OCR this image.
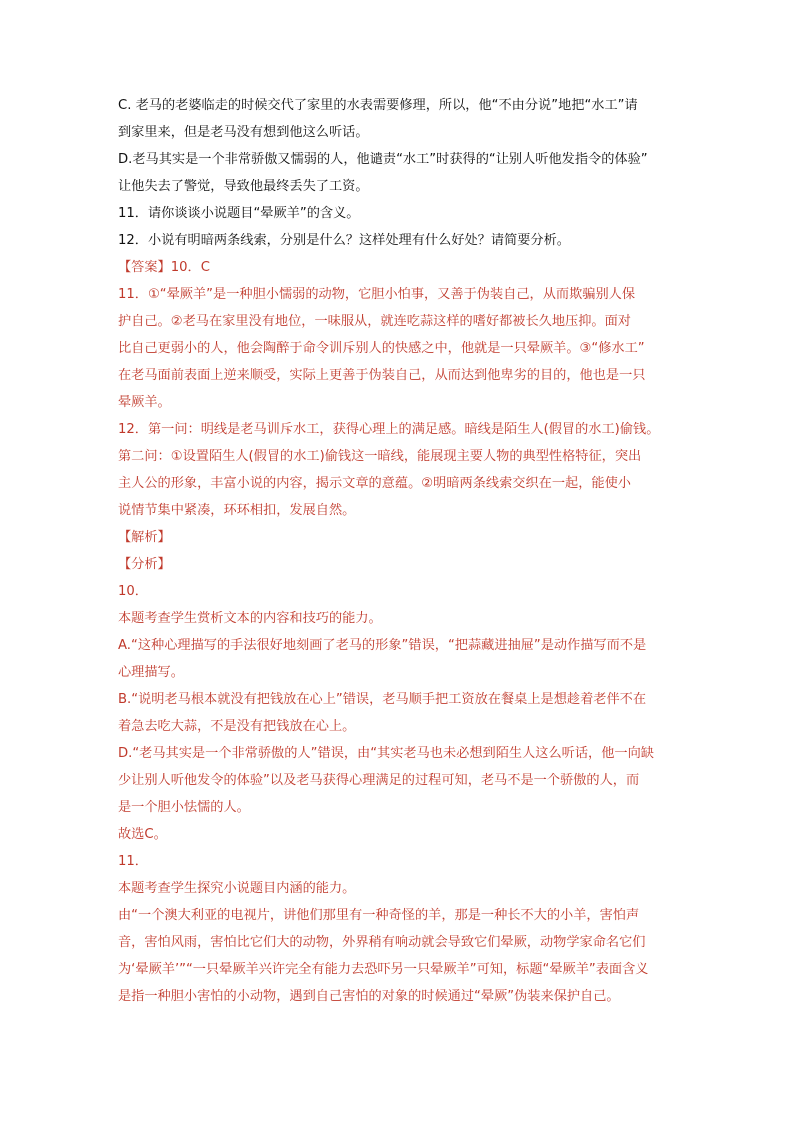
C. 老马的老婆临走的时候交代了家里的水表需要修理，所以，他“不由分说”地把“水工”请
到家里来，但是老马没有想到他这么听话。
D.老马其实是一个非常骄傲又懦弱的人，他谴责“水工”时获得的“让别人听他发指令的体验”
让他失去了警觉，导致他最终丢失了工资。
11．请你谈谈小说题目“晕厥羊”的含义。
12．小说有明暗两条线索，分别是什么？这样处理有什么好处？请简要分析。
【答案】10．C
11．①“晕厥羊”是一种胆小懦弱的动物，它胆小怕事，又善于伪装自己，从而欺骗别人保
护自己。②老马在家里没有地位，一味服从，就连吃蒜这样的嗜好都被长久地压抑。面对
比自己更弱小的人，他会陶醉于命令训斥别人的快感之中，他就是一只晕厥羊。③“修水工”
在老马面前表面上逆来顺受，实际上更善于伪装自己，从而达到他卑劣的目的，他也是一只
晕厥羊。
12．第一问：明线是老马训斥水工，获得心理上的满足感。暗线是陌生人(假冒的水工)偷钱。
第二问：①设置陌生人(假冒的水工)偷钱这一暗线，能展现主要人物的典型性格特征，突出
主人公的形象，丰富小说的内容，揭示文章的意蕴。②明暗两条线索交织在一起，能使小
说情节集中紧凑，环环相扣，发展自然。
【解析】
【分析】
10．
本题考查学生赏析文本的内容和技巧的能力。
A.“这种心理描写的手法很好地刻画了老马的形象”错误，“把蒜藏进抽屉”是动作描写而不是
心理描写。
B.“说明老马根本就没有把钱放在心上”错误，老马顺手把工资放在餐桌上是想趁着老伴不在
着急去吃大蒜，不是没有把钱放在心上。
D.“老马其实是一个非常骄傲的人”错误，由“其实老马也未必想到陌生人这么听话，他一向缺
少让别人听他发令的体验”以及老马获得心理满足的过程可知，老马不是一个骄傲的人，而
是一个胆小怯懦的人。
故选C。
11．
本题考查学生探究小说题目内涵的能力。
由“一个澳大利亚的电视片，讲他们那里有一种奇怪的羊，那是一种长不大的小羊，害怕声
音，害怕风雨，害怕比它们大的动物，外界稍有响动就会导致它们晕厥，动物学家命名它们
为‘晕厥羊’”“一只晕厥羊兴许完全有能力去恐吓另一只晕厥羊”可知，标题“晕厥羊”表面含义
是指一种胆小害怕的小动物，遇到自己害怕的对象的时候通过“晕厥”伪装来保护自己。
